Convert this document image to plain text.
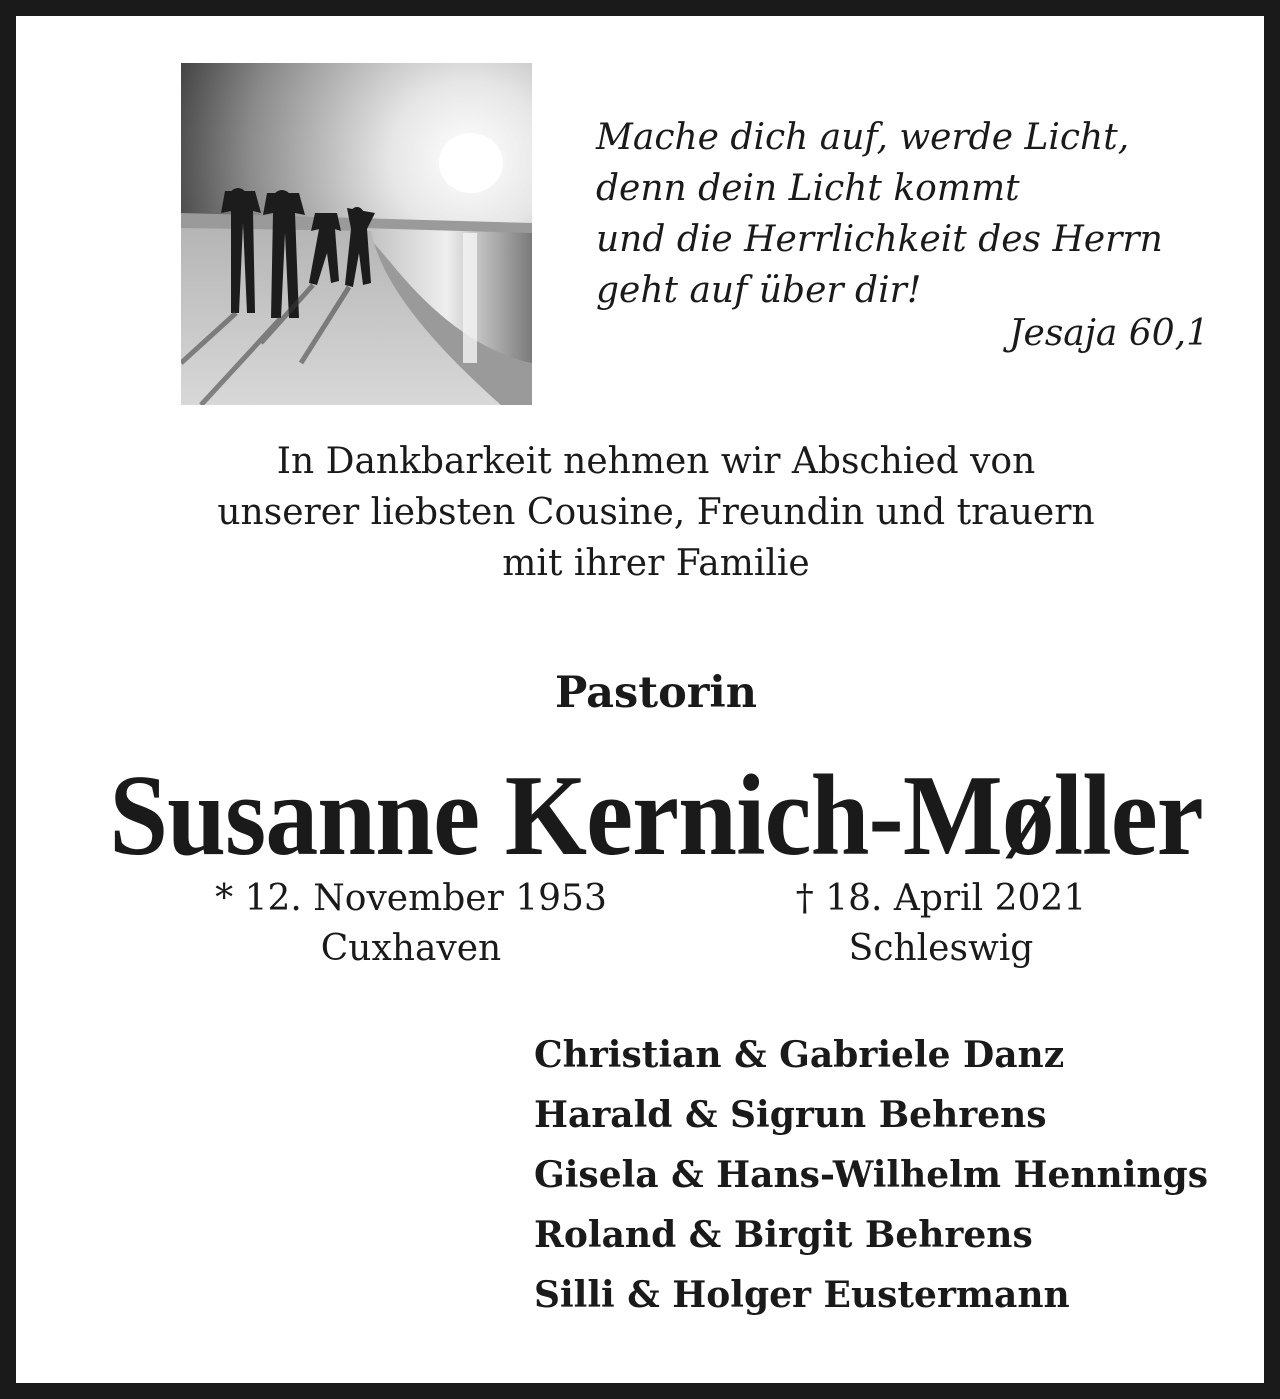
Mache dich auf, werde Licht,
denn dein Licht kommt
und die Herrlichkeit des Herrn
geht auf über dir!
Jesaja 60,1
In Dankbarkeit nehmen wir Abschied von
unserer liebsten Cousine, Freundin und trauern
mit ihrer Familie
Pastorin
Susanne Kernich-Møller
* 12. November 1953
Cuxhaven
† 18. April 2021
Schleswig
Christian & Gabriele Danz
Harald & Sigrun Behrens
Gisela & Hans-Wilhelm Hennings
Roland & Birgit Behrens
Silli & Holger Eustermann
